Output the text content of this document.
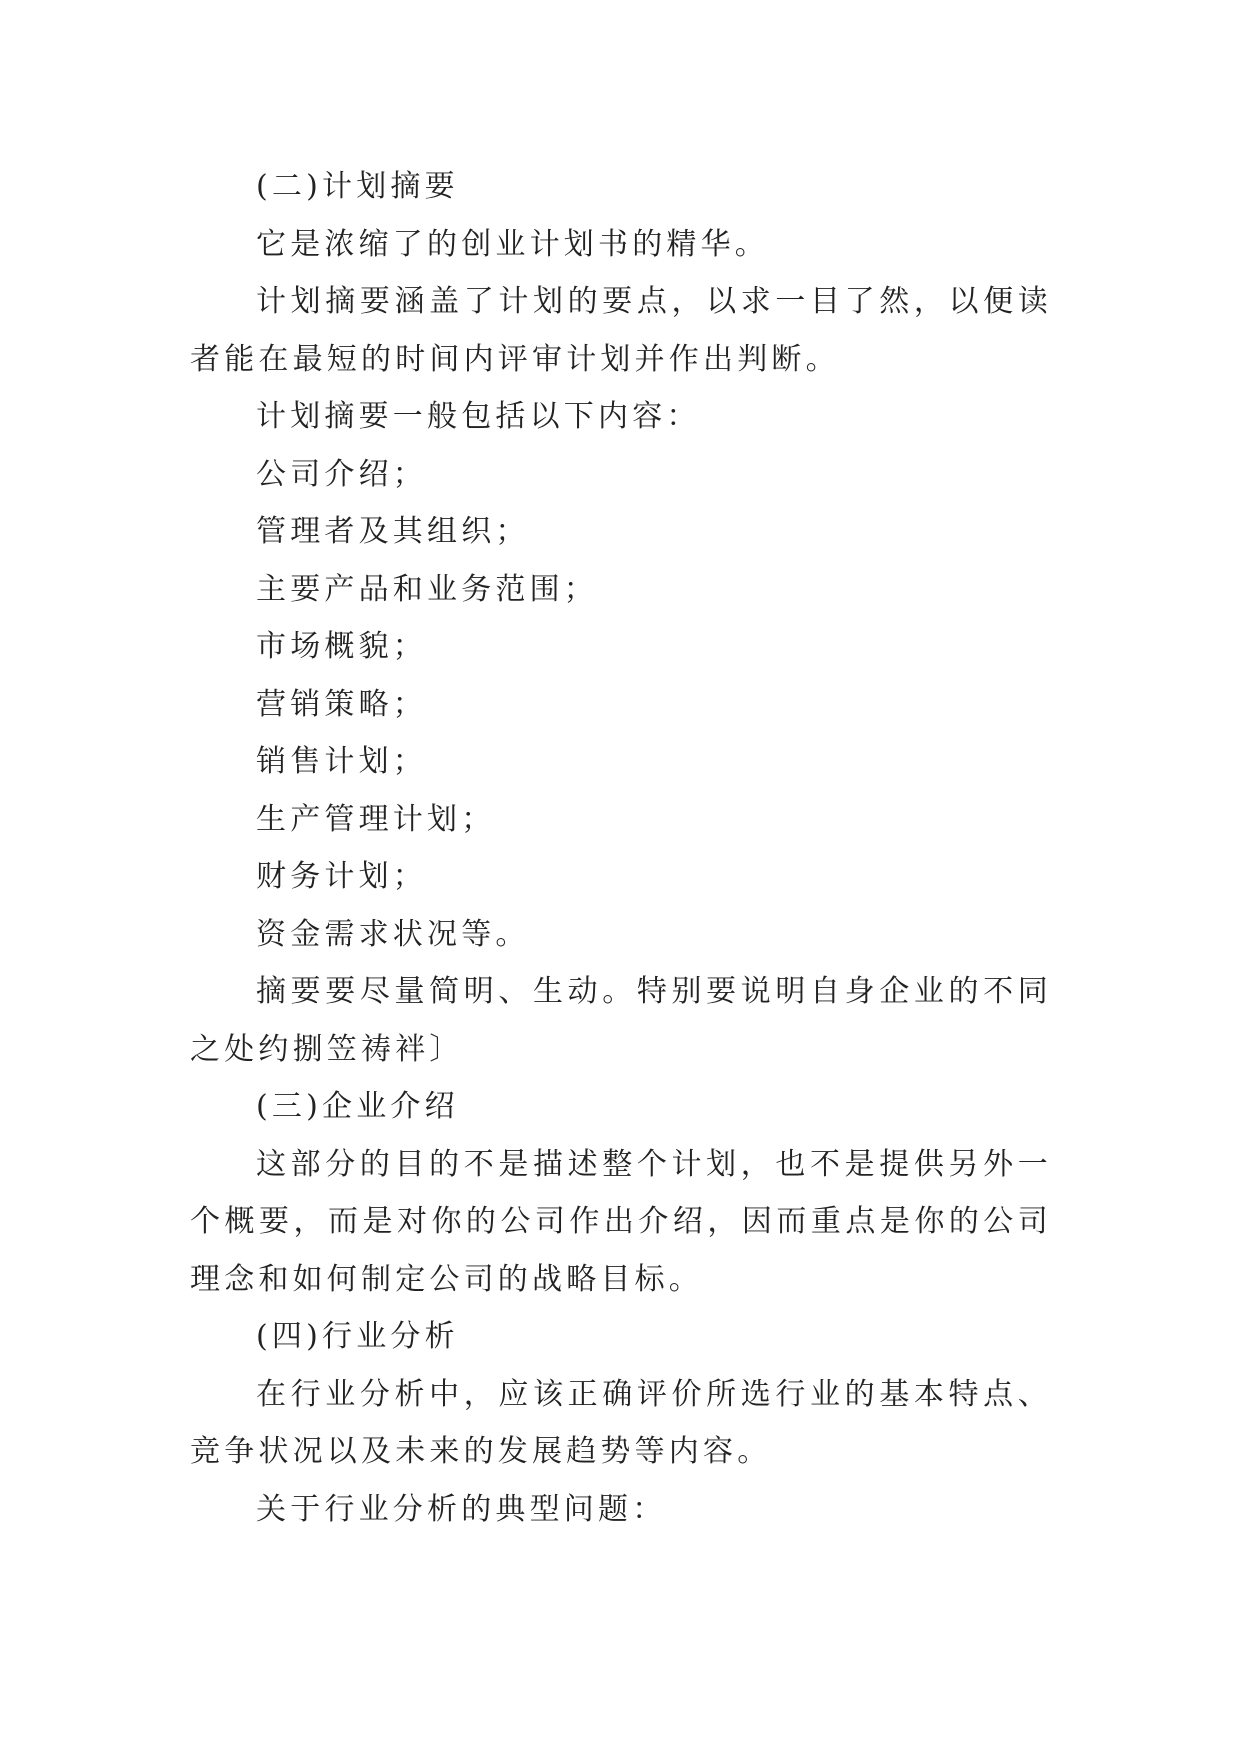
(二)计划摘要

它是浓缩了的创业计划书的精华。

计划摘要涵盖了计划的要点，以求一目了然，以便读者能在最短的时间内评审计划并作出判断。

计划摘要一般包括以下内容：

公司介绍；

管理者及其组织；

主要产品和业务范围；

市场概貌；

营销策略；

销售计划；

生产管理计划；

财务计划；

资金需求状况等。

摘要要尽量简明、生动。特别要说明自身企业的不同之处约捌笠祷袢〕

(三)企业介绍

这部分的目的不是描述整个计划，也不是提供另外一个概要，而是对你的公司作出介绍，因而重点是你的公司理念和如何制定公司的战略目标。

(四)行业分析

在行业分析中，应该正确评价所选行业的基本特点、竞争状况以及未来的发展趋势等内容。

关于行业分析的典型问题：
